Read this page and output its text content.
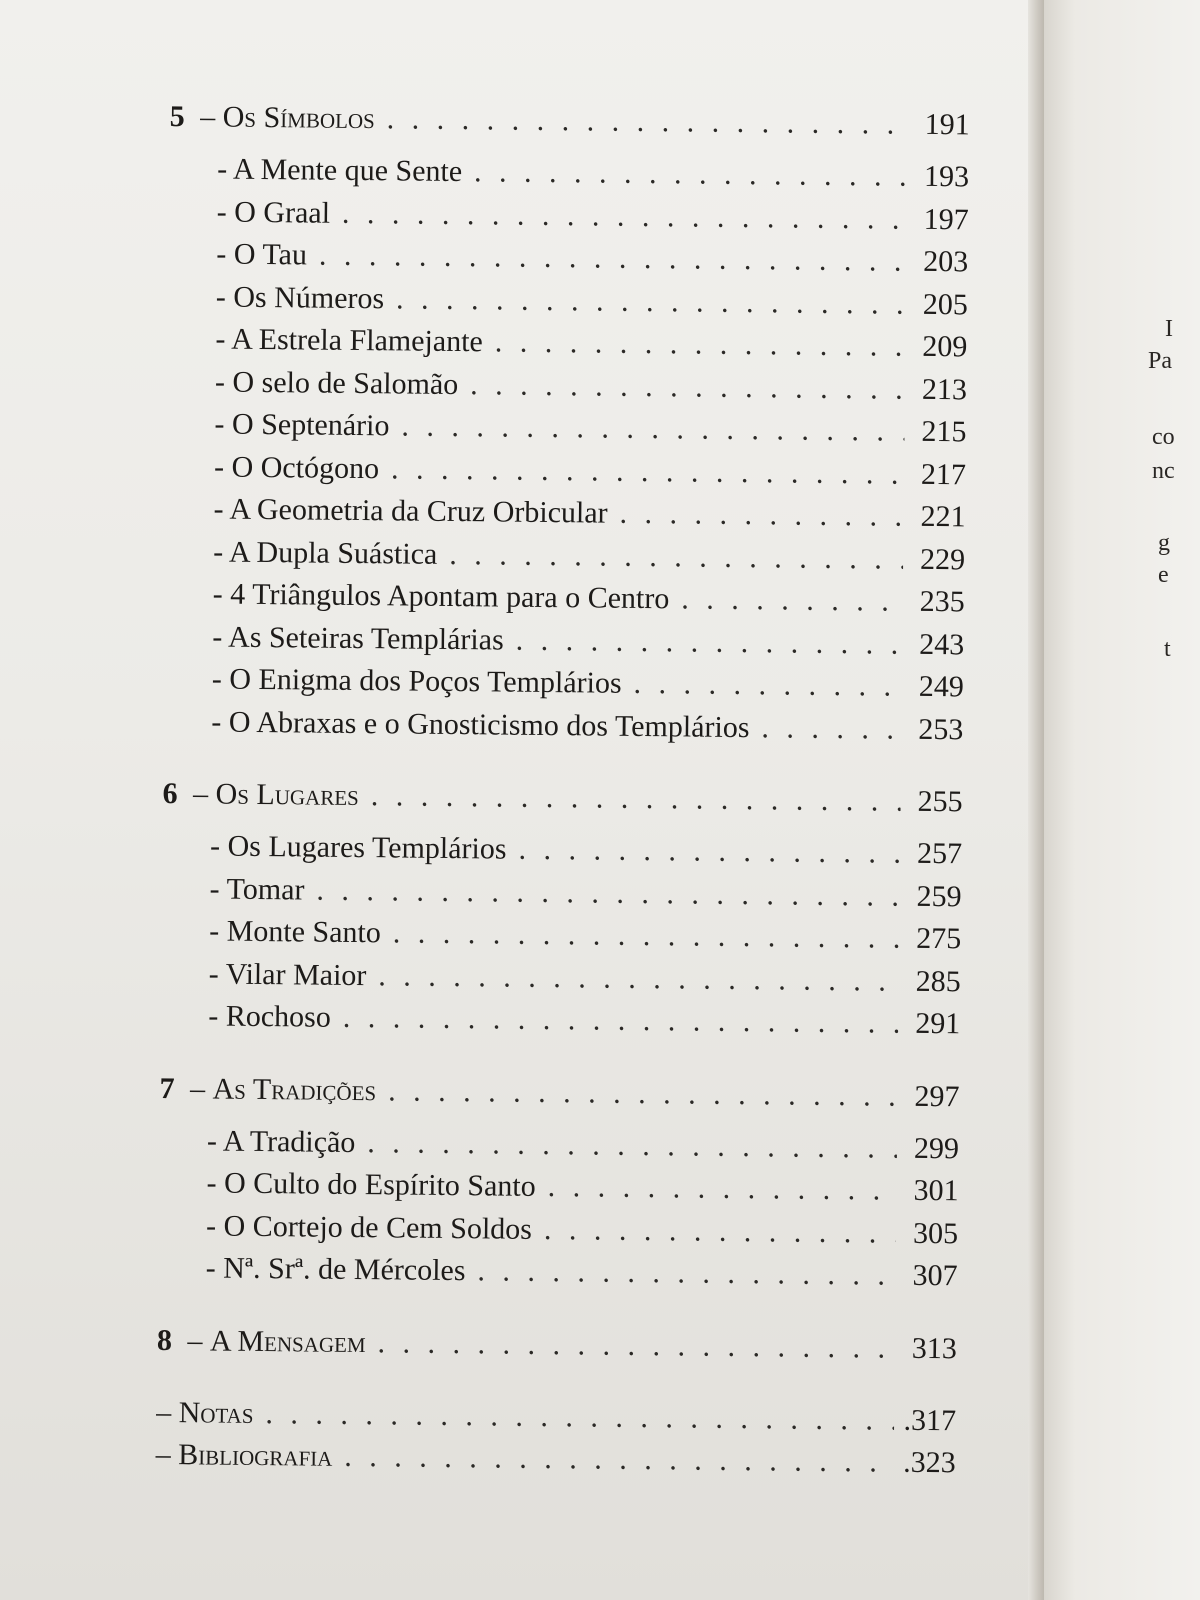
I
Pa
co
nc
g
e
t
5 – Os Símbolos . . .	191
- A Mente que Sente . . .	193
- O Graal . . .	197
- O Tau . . .	203
- Os Números . . .	205
- A Estrela Flamejante . . .	209
- O selo de Salomão . . .	213
- O Septenário . . .	215
- O Octógono . . .	217
- A Geometria da Cruz Orbicular . . .	221
- A Dupla Suástica . . .	229
- 4 Triângulos Apontam para o Centro . . .	235
- As Seteiras Templárias . . .	243
- O Enigma dos Poços Templários . . .	249
- O Abraxas e o Gnosticismo dos Templários . . .	253
6 – Os Lugares . . .	255
- Os Lugares Templários . . .	257
- Tomar . . .	259
- Monte Santo . . .	275
- Vilar Maior . . .	285
- Rochoso . . .	291
7 – As Tradições . . .	297
- A Tradição . . .	299
- O Culto do Espírito Santo . . .	301
- O Cortejo de Cem Soldos . . .	305
- Nª. Srª. de Mércoles . . .	307
8 – A Mensagem . . .	313
– Notas . . .	.317
– Bibliografia . . .	.323
